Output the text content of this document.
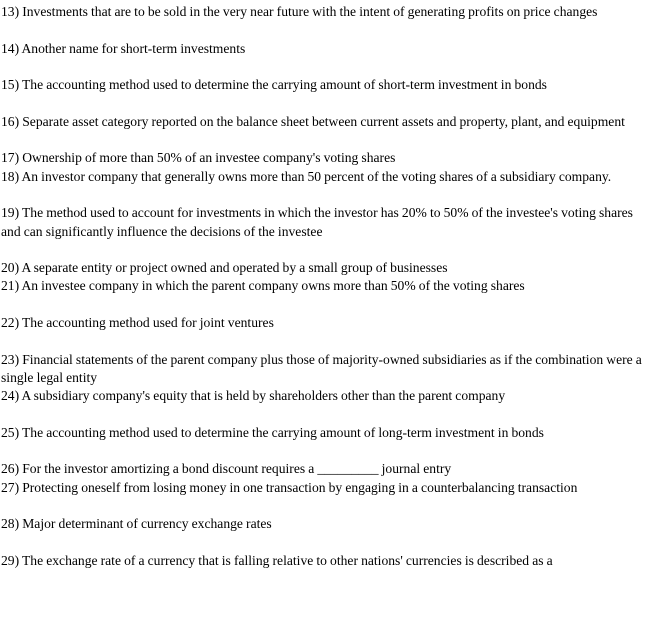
13) Investments that are to be sold in the very near future with the intent of generating profits on price changes

14) Another name for short-term investments

15) The accounting method used to determine the carrying amount of short-term investment in bonds

16) Separate asset category reported on the balance sheet between current assets and property, plant, and equipment

17) Ownership of more than 50% of an investee company's voting shares

18) An investor company that generally owns more than 50 percent of the voting shares of a subsidiary company.

19) The method used to account for investments in which the investor has 20% to 50% of the investee's voting shares and can significantly influence the decisions of the investee

20) A separate entity or project owned and operated by a small group of businesses

21) An investee company in which the parent company owns more than 50% of the voting shares

22) The accounting method used for joint ventures

23) Financial statements of the parent company plus those of majority-owned subsidiaries as if the combination were a single legal entity

24) A subsidiary company's equity that is held by shareholders other than the parent company

25) The accounting method used to determine the carrying amount of long-term investment in bonds

26) For the investor amortizing a bond discount requires a _________ journal entry

27) Protecting oneself from losing money in one transaction by engaging in a counterbalancing transaction

28) Major determinant of currency exchange rates

29) The exchange rate of a currency that is falling relative to other nations' currencies is described as a
